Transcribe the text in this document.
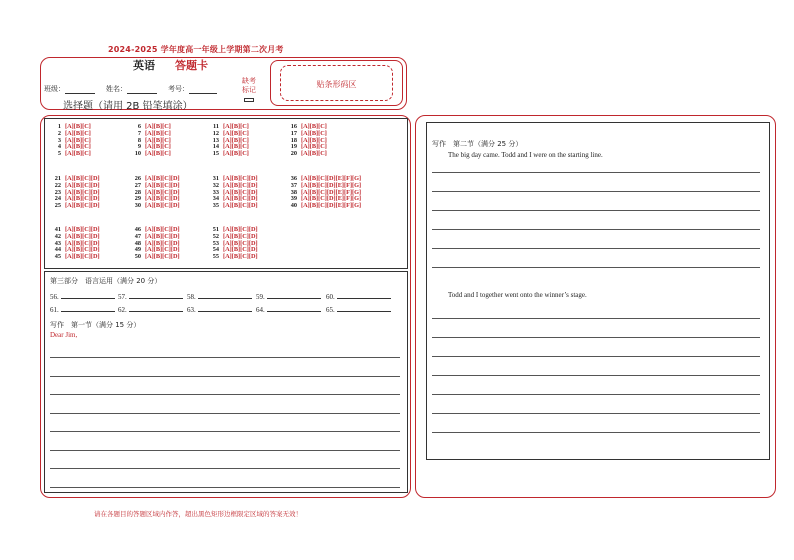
2024-2025 学年度高一年级上学期第二次月考
英语 答题卡
班级：	姓名：	考号：
缺考
标记
贴条形码区
选择题（请用 2B 铅笔填涂）
1 [A][B][C]
2 [A][B][C]
3 [A][B][C]
4 [A][B][C]
5 [A][B][C]
6 [A][B][C]
7 [A][B][C]
8 [A][B][C]
9 [A][B][C]
10 [A][B][C]
11 [A][B][C]
12 [A][B][C]
13 [A][B][C]
14 [A][B][C]
15 [A][B][C]
16 [A][B][C]
17 [A][B][C]
18 [A][B][C]
19 [A][B][C]
20 [A][B][C]
21 [A][B][C][D]
22 [A][B][C][D]
23 [A][B][C][D]
24 [A][B][C][D]
25 [A][B][C][D]
26 [A][B][C][D]
27 [A][B][C][D]
28 [A][B][C][D]
29 [A][B][C][D]
30 [A][B][C][D]
31 [A][B][C][D]
32 [A][B][C][D]
33 [A][B][C][D]
34 [A][B][C][D]
35 [A][B][C][D]
36 [A][B][C][D][E][F][G]
37 [A][B][C][D][E][F][G]
38 [A][B][C][D][E][F][G]
39 [A][B][C][D][E][F][G]
40 [A][B][C][D][E][F][G]
41 [A][B][C][D]
42 [A][B][C][D]
43 [A][B][C][D]
44 [A][B][C][D]
45 [A][B][C][D]
46 [A][B][C][D]
47 [A][B][C][D]
48 [A][B][C][D]
49 [A][B][C][D]
50 [A][B][C][D]
51 [A][B][C][D]
52 [A][B][C][D]
53 [A][B][C][D]
54 [A][B][C][D]
55 [A][B][C][D]
第三部分　语言运用（满分 20 分）
56.	57.	58.	59.	60.
61.	62.	63.	64.	65.
写作　第一节（满分 15 分）
Dear Jim,
写作　第二节（满分 25 分）
The big day came. Todd and I were on the starting line.
Todd and I together went onto the winner’s stage.
请在各题目的答题区域内作答，超出黑色矩形边框限定区域的答案无效！
